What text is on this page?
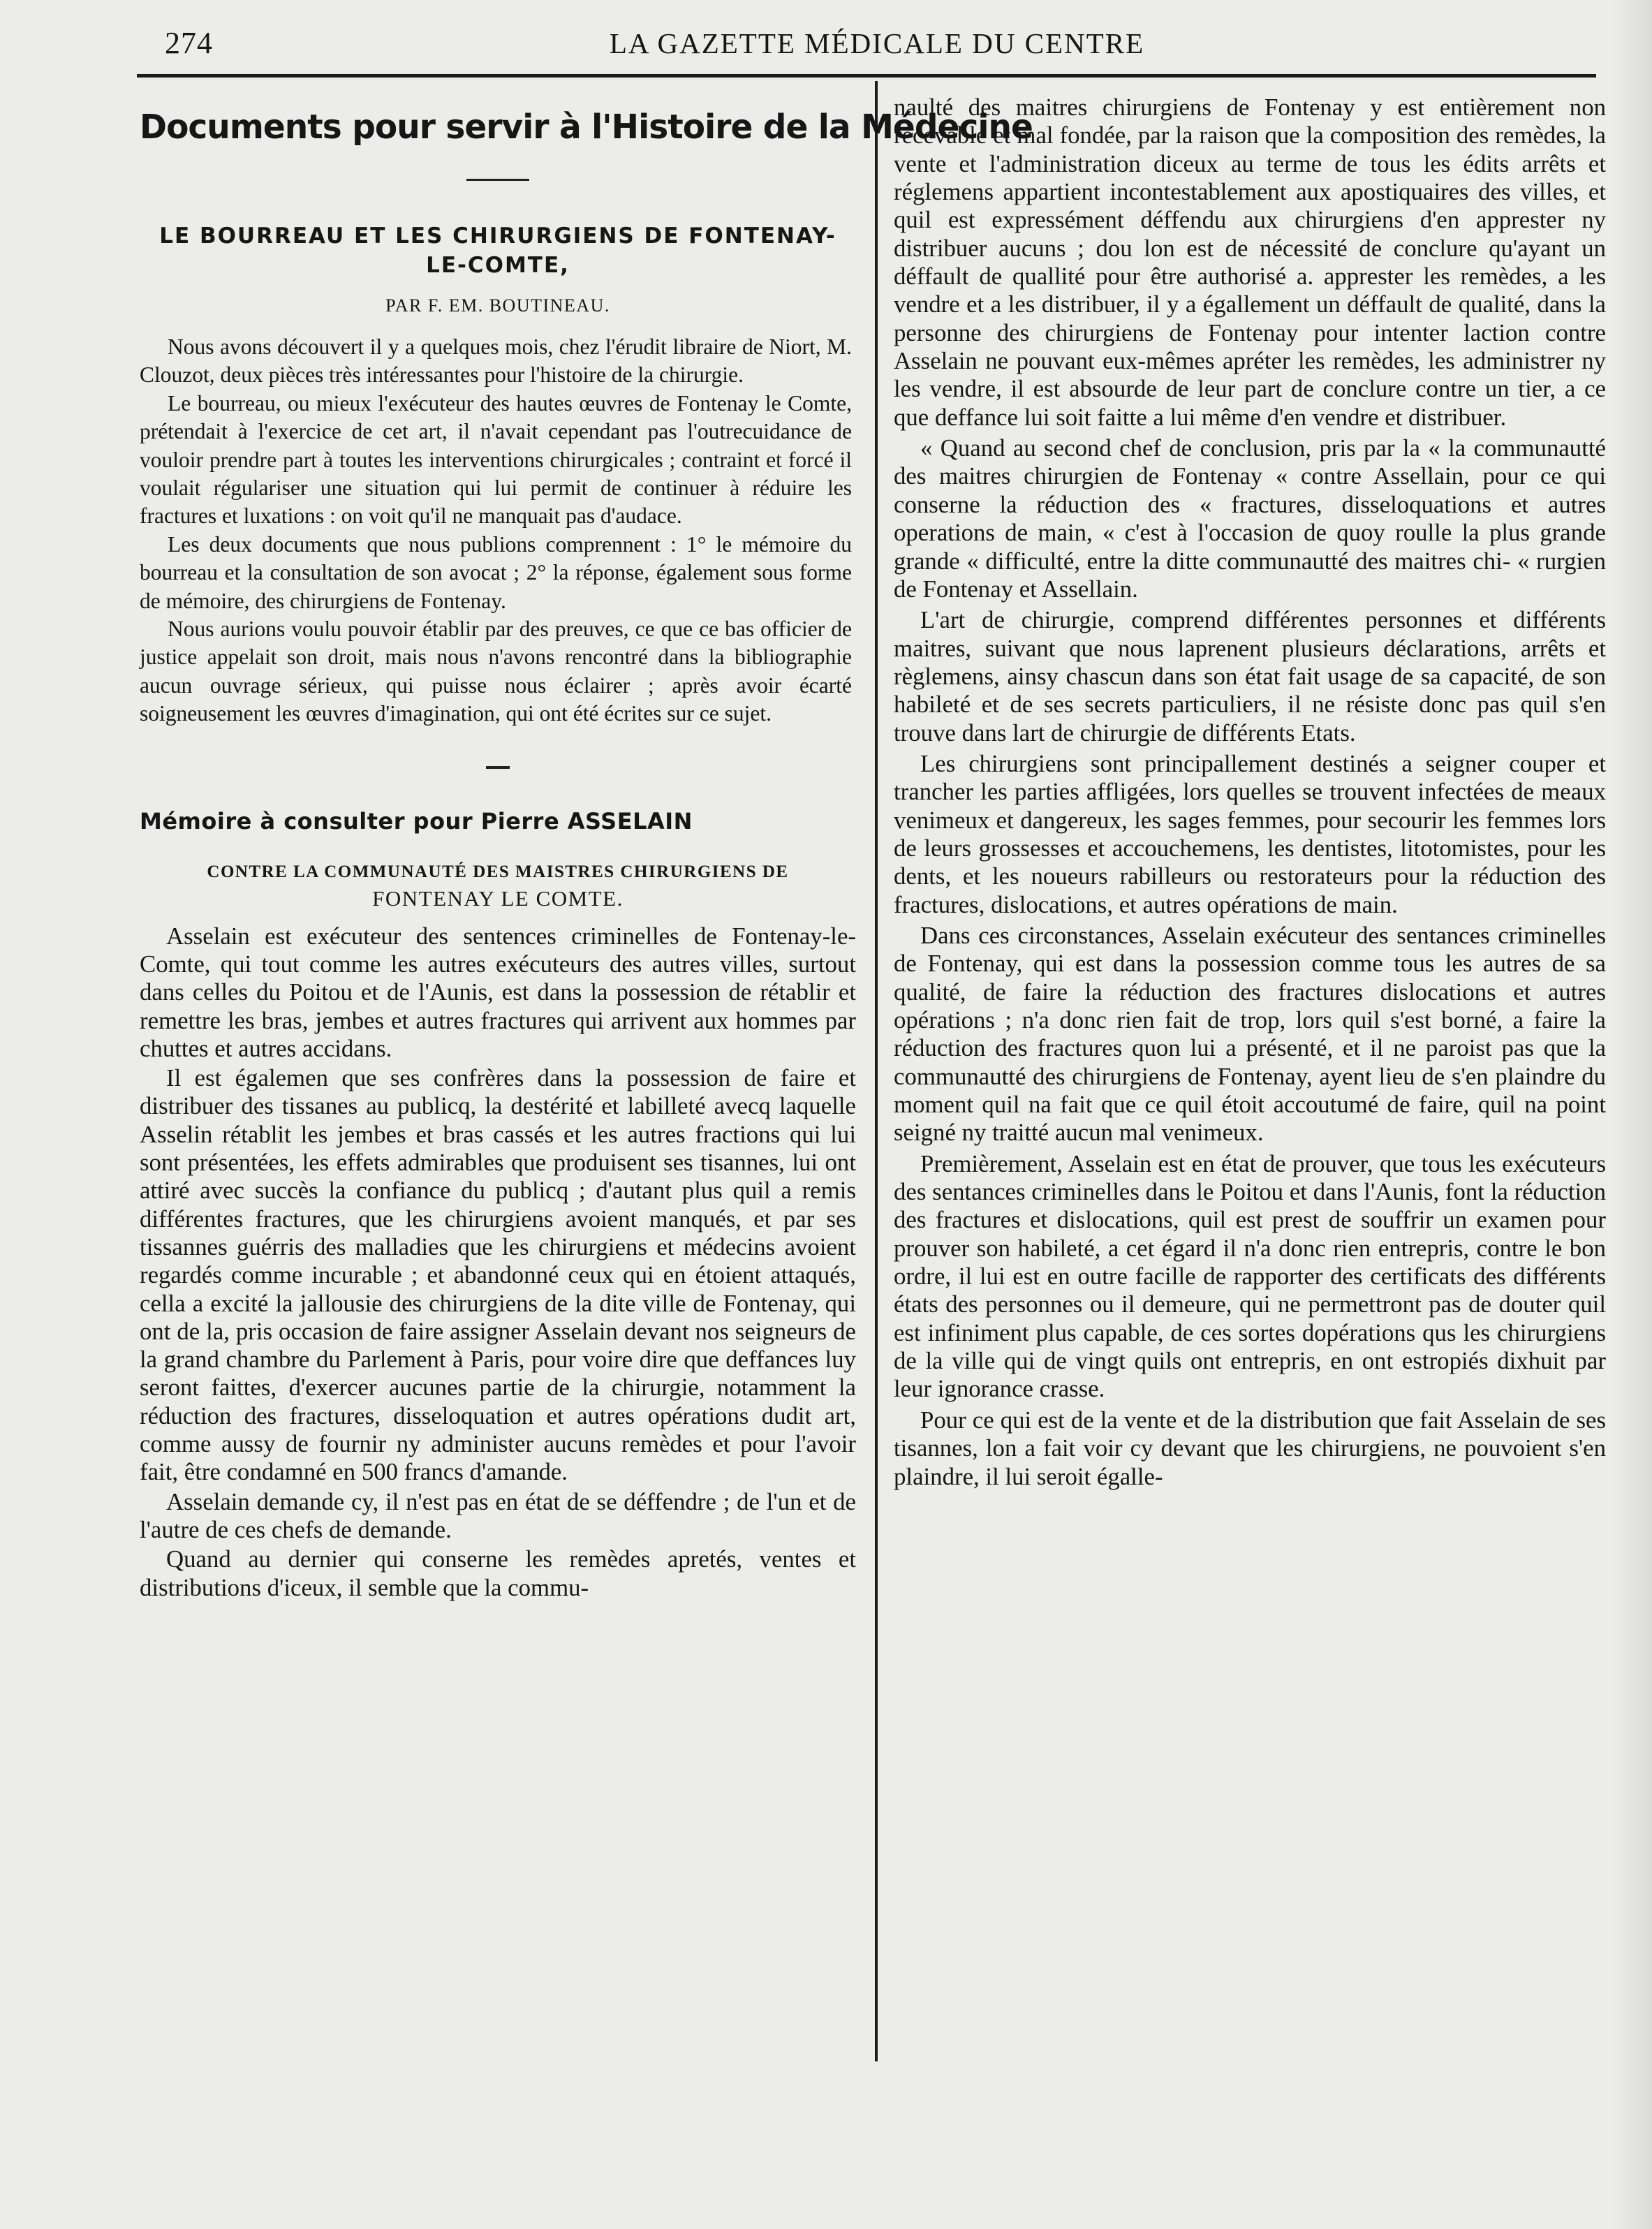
274	LA GAZETTE MÉDICALE DU CENTRE
Documents pour servir à l'Histoire de la Médecine
LE BOURREAU ET LES CHIRURGIENS DE FONTENAY-LE-COMTE,
PAR F. EM. BOUTINEAU.

Nous avons découvert il y a quelques mois, chez l'érudit libraire de Niort, M. Clouzot, deux pièces très intéressantes pour l'histoire de la chirurgie.

Le bourreau, ou mieux l'exécuteur des hautes œuvres de Fontenay le Comte, prétendait à l'exercice de cet art, il n'avait cependant pas l'outrecuidance de vouloir prendre part à toutes les interventions chirurgicales ; contraint et forcé il voulait régulariser une situation qui lui permit de continuer à réduire les fractures et luxations : on voit qu'il ne manquait pas d'audace.

Les deux documents que nous publions comprennent : 1° le mémoire du bourreau et la consultation de son avocat ; 2° la réponse, également sous forme de mémoire, des chirurgiens de Fontenay.

Nous aurions voulu pouvoir établir par des preuves, ce que ce bas officier de justice appelait son droit, mais nous n'avons rencontré dans la bibliographie aucun ouvrage sérieux, qui puisse nous éclairer ; après avoir écarté soigneusement les œuvres d'imagination, qui ont été écrites sur ce sujet.

Mémoire à consulter pour Pierre ASSELAIN
CONTRE LA COMMUNAUTÉ DES MAISTRES CHIRURGIENS DE
FONTENAY LE COMTE.

Asselain est exécuteur des sentences criminelles de Fontenay-le-Comte, qui tout comme les autres exécuteurs des autres villes, surtout dans celles du Poitou et de l'Aunis, est dans la possession de rétablir et remettre les bras, jembes et autres fractures qui arrivent aux hommes par chuttes et autres accidans.

Il est égalemen que ses confrères dans la possession de faire et distribuer des tissanes au publicq, la destérité et labilleté avecq laquelle Asselin rétablit les jembes et bras cassés et les autres fractions qui lui sont présentées, les effets admirables que produisent ses tisannes, lui ont attiré avec succès la confiance du publicq ; d'autant plus quil a remis différentes fractures, que les chirurgiens avoient manqués, et par ses tissannes guérris des malladies que les chirurgiens et médecins avoient regardés comme incurable ; et abandonné ceux qui en étoient attaqués, cella a excité la jallousie des chirurgiens de la dite ville de Fontenay, qui ont de la, pris occasion de faire assigner Asselain devant nos seigneurs de la grand chambre du Parlement à Paris, pour voire dire que deffances luy seront faittes, d'exercer aucunes partie de la chirurgie, notamment la réduction des fractures, disseloquation et autres opérations dudit art, comme aussy de fournir ny administer aucuns remèdes et pour l'avoir fait, être condamné en 500 francs d'amande.

Asselain demande cy, il n'est pas en état de se déffendre ; de l'un et de l'autre de ces chefs de demande.

Quand au dernier qui conserne les remèdes apretés, ventes et distributions d'iceux, il semble que la commu-

naulté des maitres chirurgiens de Fontenay y est entièrement non recevable et mal fondée, par la raison que la composition des remèdes, la vente et l'administration diceux au terme de tous les édits arrêts et réglemens appartient incontestablement aux apostiquaires des villes, et quil est expressément déffendu aux chirurgiens d'en apprester ny distribuer aucuns ; dou lon est de nécessité de conclure qu'ayant un déffault de quallité pour être authorisé a. apprester les remèdes, a les vendre et a les distribuer, il y a égallement un déffault de qualité, dans la personne des chirurgiens de Fontenay pour intenter laction contre Asselain ne pouvant eux-mêmes apréter les remèdes, les administrer ny les vendre, il est absourde de leur part de conclure contre un tier, a ce que deffance lui soit faitte a lui même d'en vendre et distribuer.

« Quand au second chef de conclusion, pris par la « la communautté des maitres chirurgien de Fontenay « contre Assellain, pour ce qui conserne la réduction des « fractures, disseloquations et autres operations de main, « c'est à l'occasion de quoy roulle la plus grande grande « difficulté, entre la ditte communautté des maitres chi- « rurgien de Fontenay et Assellain.

L'art de chirurgie, comprend différentes personnes et différents maitres, suivant que nous laprenent plusieurs déclarations, arrêts et règlemens, ainsy chascun dans son état fait usage de sa capacité, de son habileté et de ses secrets particuliers, il ne résiste donc pas quil s'en trouve dans lart de chirurgie de différents Etats.

Les chirurgiens sont principallement destinés a seigner couper et trancher les parties affligées, lors quelles se trouvent infectées de meaux venimeux et dangereux, les sages femmes, pour secourir les femmes lors de leurs grossesses et accouchemens, les dentistes, litotomistes, pour les dents, et les noueurs rabilleurs ou restorateurs pour la réduction des fractures, dislocations, et autres opérations de main.

Dans ces circonstances, Asselain exécuteur des sentances criminelles de Fontenay, qui est dans la possession comme tous les autres de sa qualité, de faire la réduction des fractures dislocations et autres opérations ; n'a donc rien fait de trop, lors quil s'est borné, a faire la réduction des fractures quon lui a présenté, et il ne paroist pas que la communautté des chirurgiens de Fontenay, ayent lieu de s'en plaindre du moment quil na fait que ce quil étoit accoutumé de faire, quil na point seigné ny traitté aucun mal venimeux.

Premièrement, Asselain est en état de prouver, que tous les exécuteurs des sentances criminelles dans le Poitou et dans l'Aunis, font la réduction des fractures et dislocations, quil est prest de souffrir un examen pour prouver son habileté, a cet égard il n'a donc rien entrepris, contre le bon ordre, il lui est en outre facille de rapporter des certificats des différents états des personnes ou il demeure, qui ne permettront pas de douter quil est infiniment plus capable, de ces sortes dopérations qus les chirurgiens de la ville qui de vingt quils ont entrepris, en ont estropiés dixhuit par leur ignorance crasse.

Pour ce qui est de la vente et de la distribution que fait Asselain de ses tisannes, lon a fait voir cy devant que les chirurgiens, ne pouvoient s'en plaindre, il lui seroit égalle-
